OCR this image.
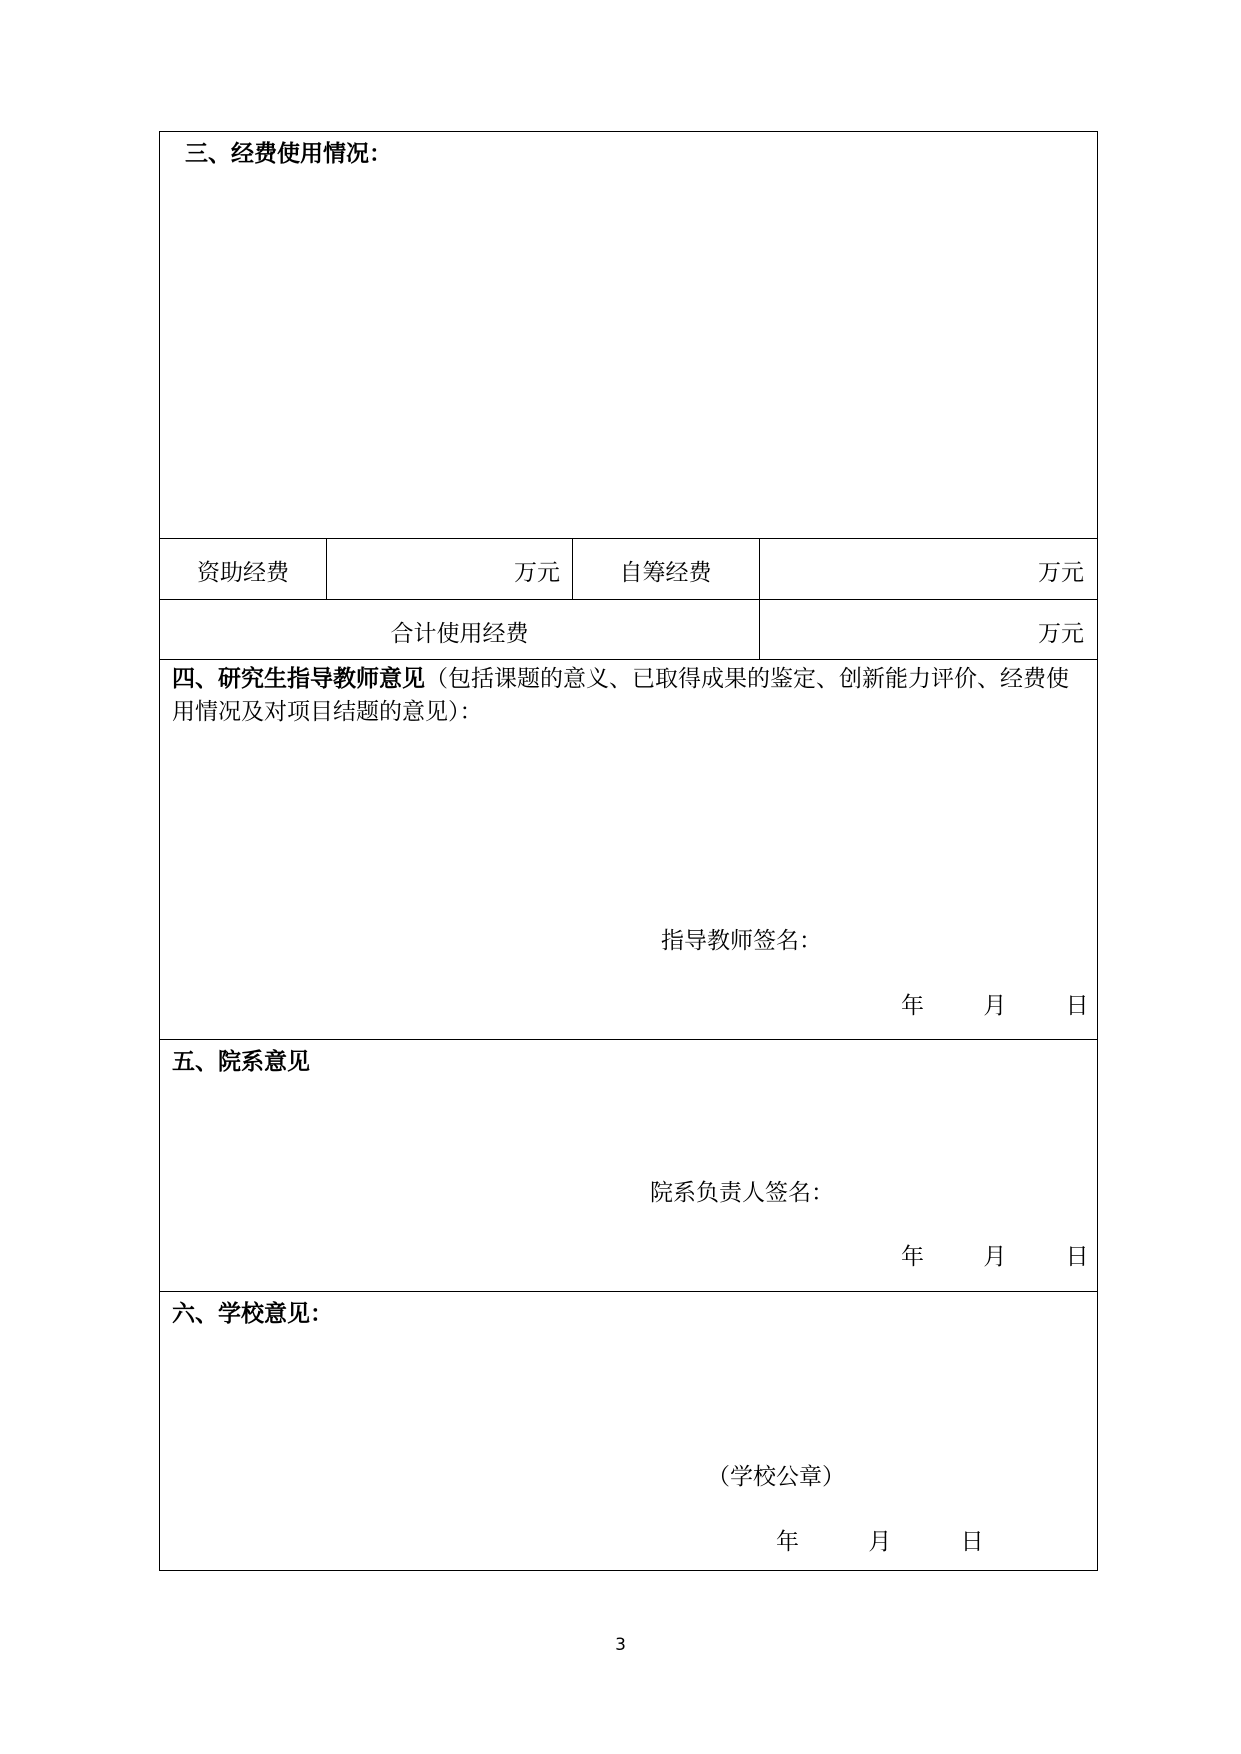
三、经费使用情况：
资助经费	万元	自筹经费	万元
合计使用经费	万元
四、研究生指导教师意见（包括课题的意义、已取得成果的鉴定、创新能力评价、经费使用情况及对项目结题的意见）：
指导教师签名：
年	月	日
五、院系意见
院系负责人签名：
年	月	日
六、学校意见：
（学校公章）
年	月	日
3
